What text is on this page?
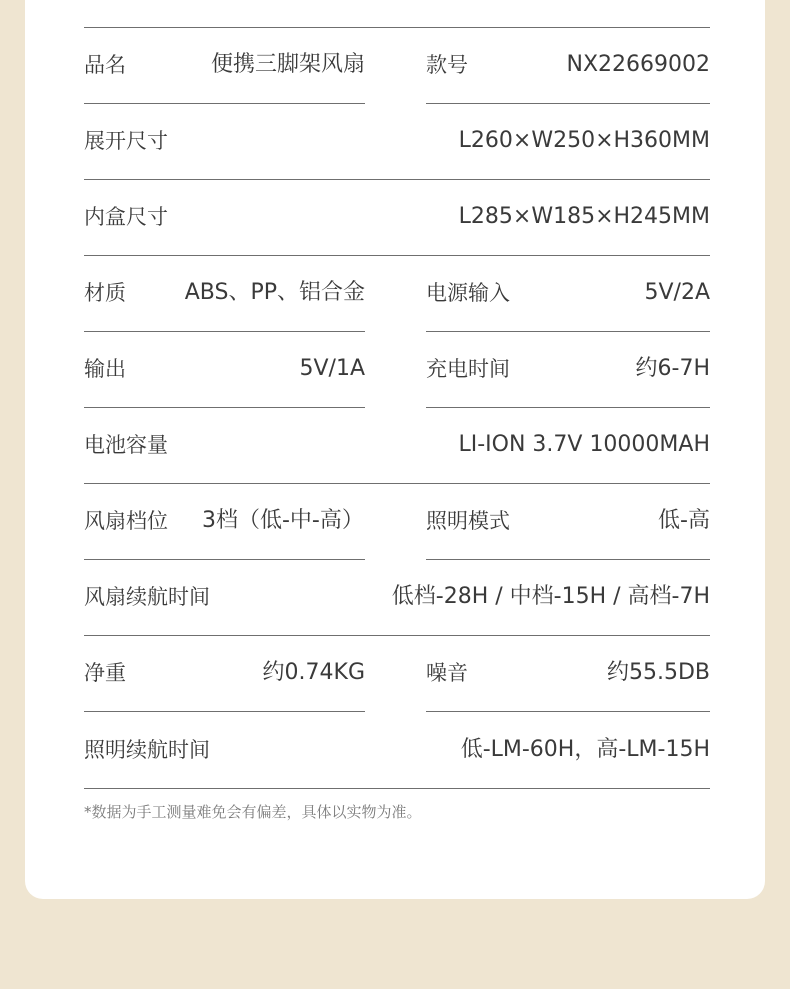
品名	便携三脚架风扇	款号	NX22669002
展开尺寸	L260×W250×H360MM
内盒尺寸	L285×W185×H245MM
材质	ABS、PP、铝合金	电源输入	5V/2A
输出	5V/1A	充电时间	约6-7H
电池容量	LI-ION 3.7V 10000MAH
风扇档位 3档（低-中-高）	照明模式	低-高
风扇续航时间	低档-28H / 中档-15H / 高档-7H
净重	约0.74KG	噪音	约55.5DB
照明续航时间	低-LM-60H，高-LM-15H
*数据为手工测量难免会有偏差，具体以实物为准。
